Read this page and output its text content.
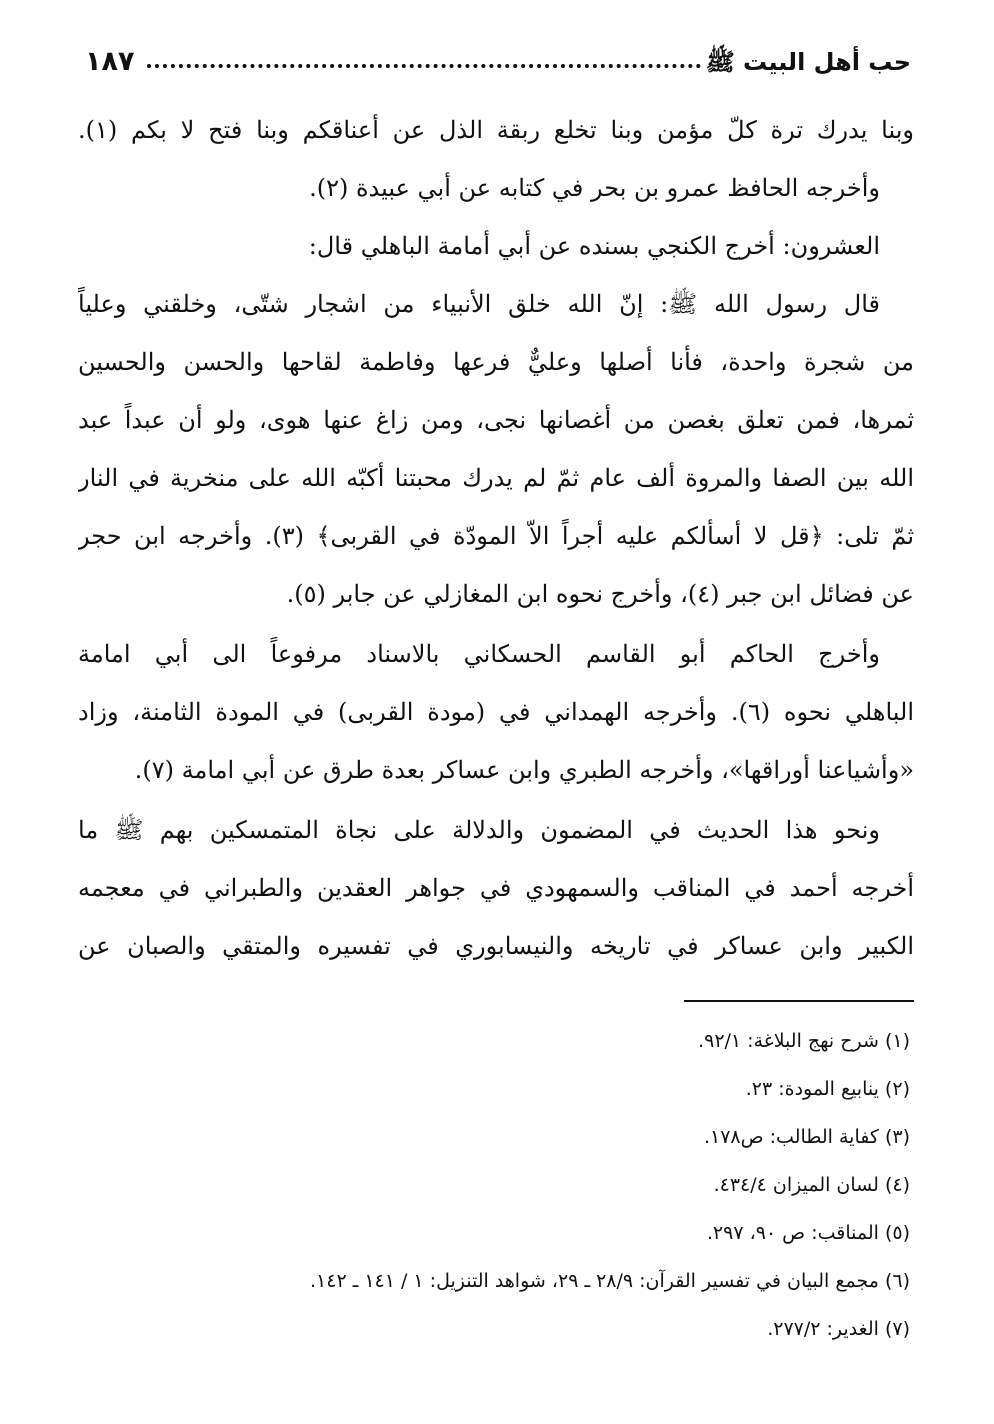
١٨٧	حب أهل البيت ﷺ
وبنا يدرك ترة كلّ مؤمن وبنا تخلع ربقة الذل عن أعناقكم وبنا فتح لا بكم (١).
وأخرجه الحافظ عمرو بن بحر في كتابه عن أبي عبيدة (٢).
العشرون: أخرج الكنجي بسنده عن أبي أمامة الباهلي قال:
قال رسول الله ﷺ: إنّ الله خلق الأنبياء من اشجار شتّى، وخلقني وعلياً
من شجرة واحدة، فأنا أصلها وعليٌّ فرعها وفاطمة لقاحها والحسن والحسين
ثمرها، فمن تعلق بغصن من أغصانها نجى، ومن زاغ عنها هوى، ولو أن عبداً عبد
الله بين الصفا والمروة ألف عام ثمّ لم يدرك محبتنا أكبّه الله على منخرية في النار
ثمّ تلى: ﴿قل لا أسألكم عليه أجراً الاّ المودّة في القربى﴾ (٣). وأخرجه ابن حجر
عن فضائل ابن جبر (٤)، وأخرج نحوه ابن المغازلي عن جابر (٥).
وأخرج الحاكم أبو القاسم الحسكاني بالاسناد مرفوعاً الى أبي امامة
الباهلي نحوه (٦). وأخرجه الهمداني في (مودة القربى) في المودة الثامنة، وزاد
«وأشياعنا أوراقها»، وأخرجه الطبري وابن عساكر بعدة طرق عن أبي امامة (٧).
ونحو هذا الحديث في المضمون والدلالة على نجاة المتمسكين بهم ﷺ ما
أخرجه أحمد في المناقب والسمهودي في جواهر العقدين والطبراني في معجمه
الكبير وابن عساكر في تاريخه والنيسابوري في تفسيره والمتقي والصبان عن
(١) شرح نهج البلاغة: ٩٢/١.
(٢) ينابيع المودة: ٢٣.
(٣) كفاية الطالب: ص١٧٨.
(٤) لسان الميزان ٤٣٤/٤.
(٥) المناقب: ص ٩٠، ٢٩٧.
(٦) مجمع البيان في تفسير القرآن: ٢٨/٩ ـ ٢٩، شواهد التنزيل: ١ / ١٤١ ـ ١٤٢.
(٧) الغدير: ٢٧٧/٢.
